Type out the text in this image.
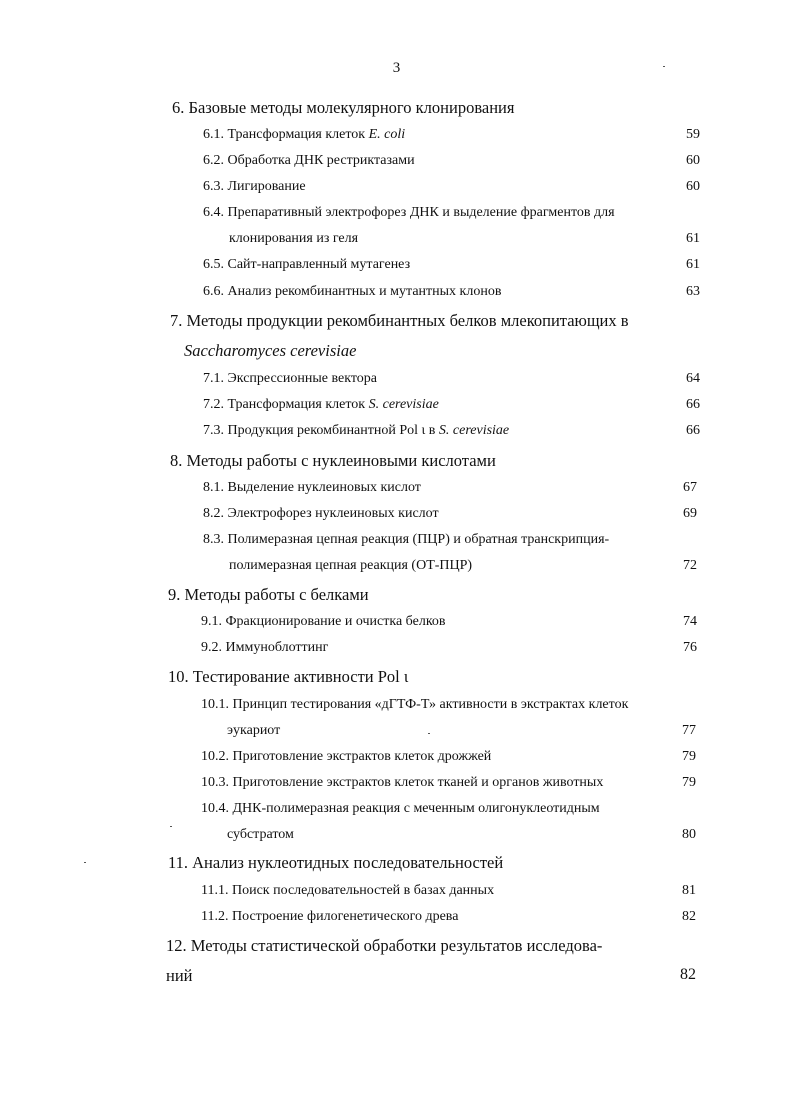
3
6. Базовые методы молекулярного клонирования
6.1. Трансформация клеток E. coli	59
6.2. Обработка ДНК рестриктазами	60
6.3. Лигирование	60
6.4. Препаративный электрофорез ДНК и выделение фрагментов для
клонирования из геля	61
6.5. Сайт-направленный мутагенез	61
6.6. Анализ рекомбинантных и мутантных клонов	63
7. Методы продукции рекомбинантных белков млекопитающих в
Saccharomyces cerevisiae
7.1. Экспрессионные вектора	64
7.2. Трансформация клеток S. cerevisiae	66
7.3. Продукция рекомбинантной Pol ι в S. cerevisiae	66
8. Методы работы с нуклеиновыми кислотами
8.1. Выделение нуклеиновых кислот	67
8.2. Электрофорез нуклеиновых кислот	69
8.3. Полимеразная цепная реакция (ПЦР) и обратная транскрипция-
полимеразная цепная реакция (ОТ-ПЦР)	72
9. Методы работы с белками
9.1. Фракционирование и очистка белков	74
9.2. Иммуноблоттинг	76
10. Тестирование активности Pol ι
10.1. Принцип тестирования «дГТФ-Т» активности в экстрактах клеток
эукариот	77
10.2. Приготовление экстрактов клеток дрожжей	79
10.3. Приготовление экстрактов клеток тканей и органов животных	79
10.4. ДНК-полимеразная реакция с меченным олигонуклеотидным
субстратом	80
11. Анализ нуклеотидных последовательностей
11.1. Поиск последовательностей в базах данных	81
11.2. Построение филогенетического древа	82
12. Методы статистической обработки результатов исследова-
ний	82
